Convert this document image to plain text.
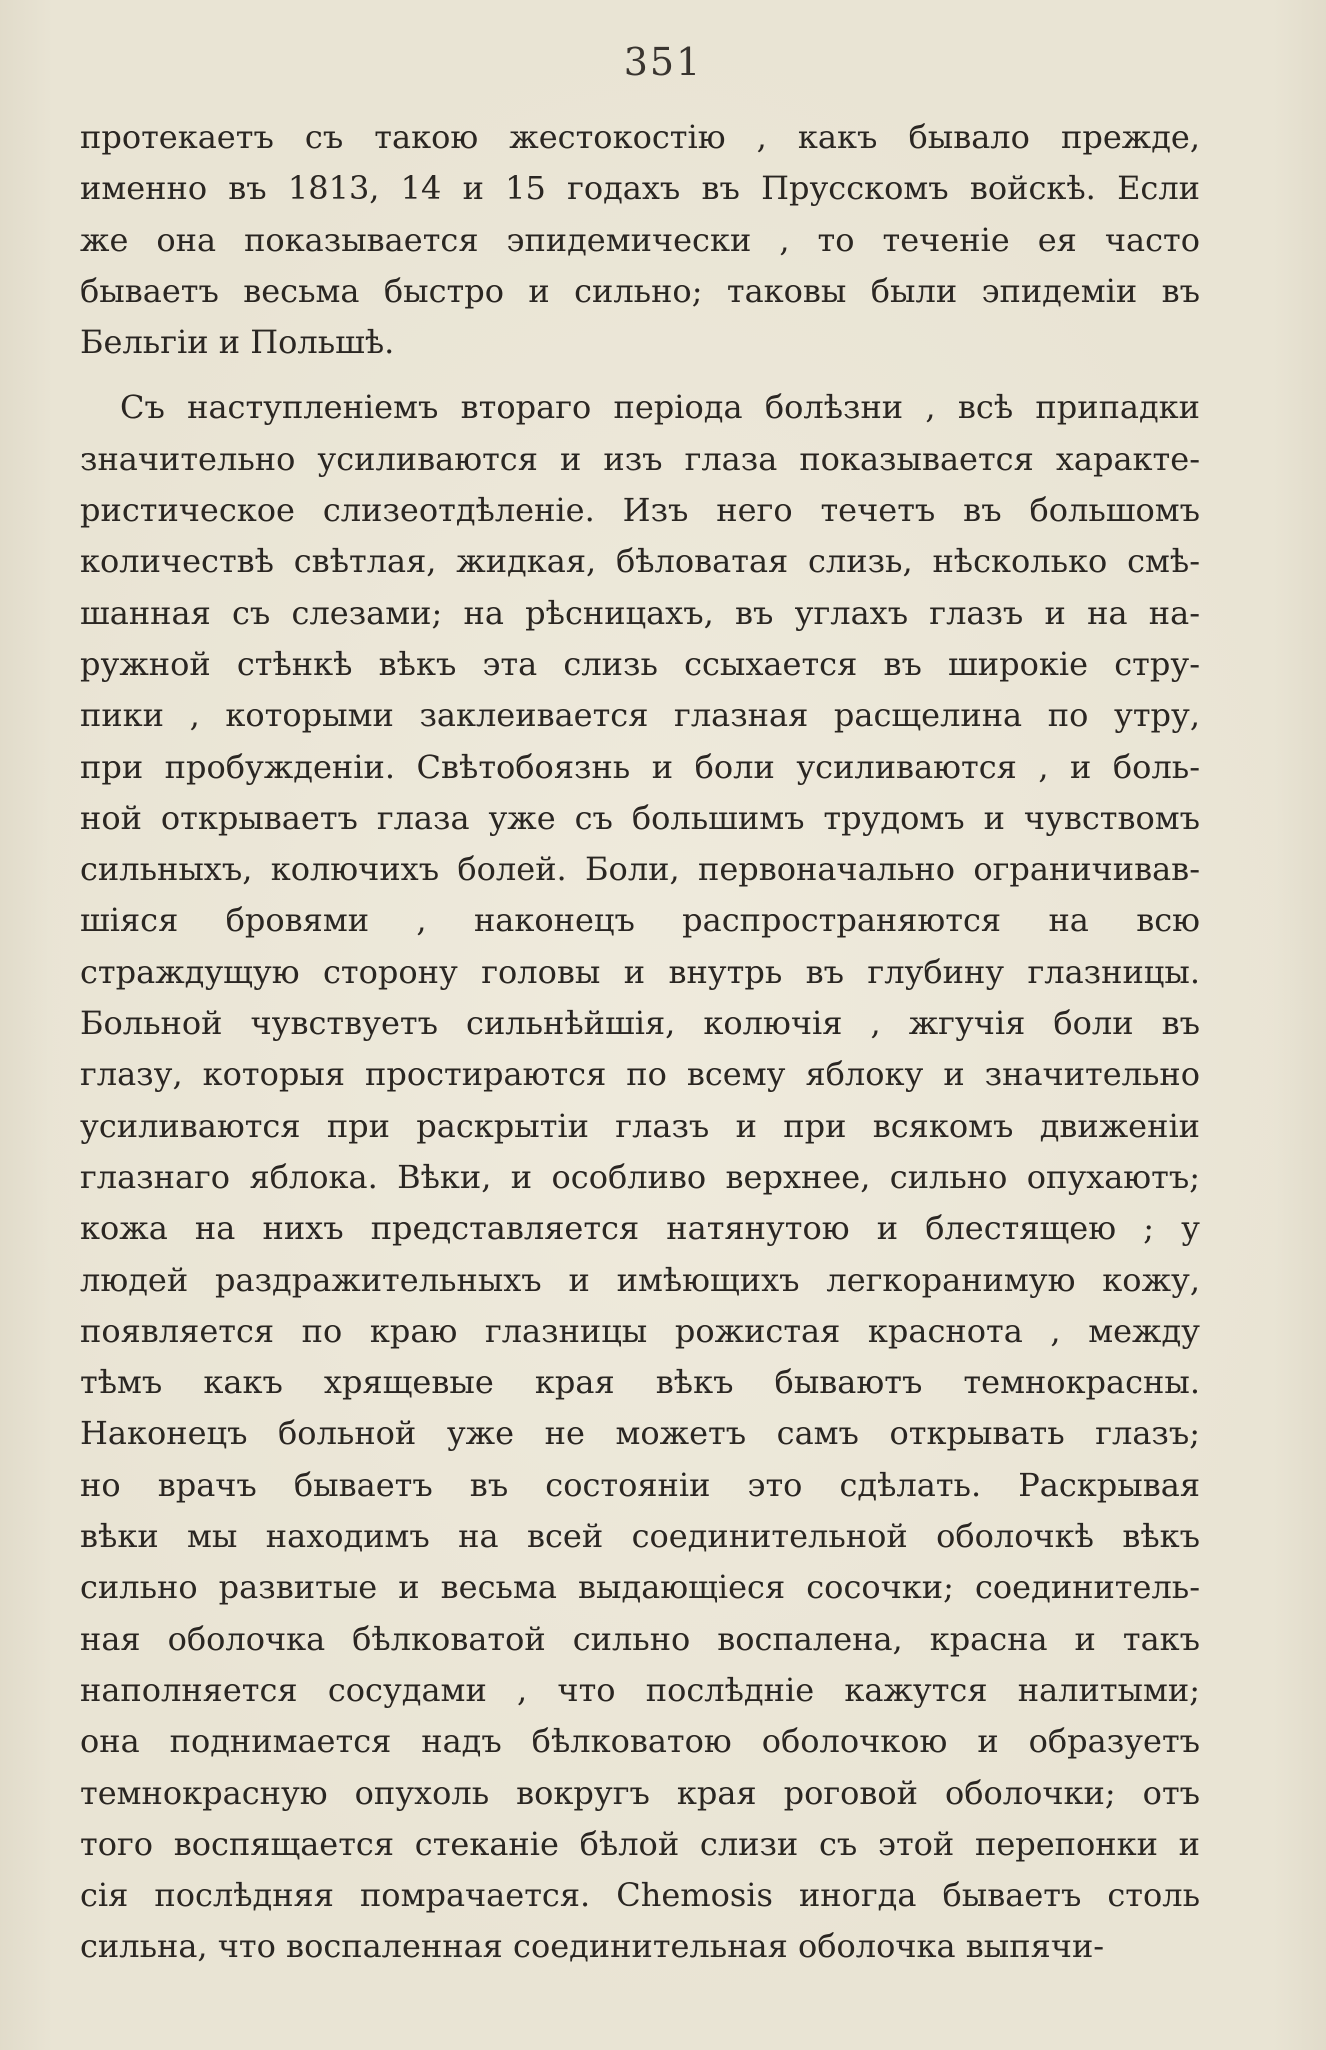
351
протекаетъ съ такою жестокостію , какъ бывало прежде,
именно въ 1813, 14 и 15 годахъ въ Прусскомъ войскѣ. Если
же она показывается эпидемически , то теченіе ея часто
бываетъ весьма быстро и сильно; таковы были эпидеміи въ
Бельгіи и Польшѣ.
Съ наступленіемъ втораго періода болѣзни , всѣ припадки
значительно усиливаются и изъ глаза показывается характе-
ристическое слизеотдѣленіе. Изъ него течетъ въ большомъ
количествѣ свѣтлая, жидкая, бѣловатая слизь, нѣсколько смѣ-
шанная съ слезами; на рѣсницахъ, въ углахъ глазъ и на на-
ружной стѣнкѣ вѣкъ эта слизь ссыхается въ широкіе стру-
пики , которыми заклеивается глазная расщелина по утру,
при пробужденіи. Свѣтобоязнь и боли усиливаются , и боль-
ной открываетъ глаза уже съ большимъ трудомъ и чувствомъ
сильныхъ, колючихъ болей. Боли, первоначально ограничивав-
шіяся бровями , наконецъ распространяются на всю
страждущую сторону головы и внутрь въ глубину глазницы.
Больной чувствуетъ сильнѣйшія, колючія , жгучія боли въ
глазу, которыя простираются по всему яблоку и значительно
усиливаются при раскрытіи глазъ и при всякомъ движеніи
глазнаго яблока. Вѣки, и особливо верхнее, сильно опухаютъ;
кожа на нихъ представляется натянутою и блестящею ; у
людей раздражительныхъ и имѣющихъ легкоранимую кожу,
появляется по краю глазницы рожистая краснота , между
тѣмъ какъ хрящевые края вѣкъ бываютъ темнокрасны.
Наконецъ больной уже не можетъ самъ открывать глазъ;
но врачъ бываетъ въ состояніи это сдѣлать. Раскрывая
вѣки мы находимъ на всей соединительной оболочкѣ вѣкъ
сильно развитые и весьма выдающіеся сосочки; соединитель-
ная оболочка бѣлковатой сильно воспалена, красна и такъ
наполняется сосудами , что послѣдніе кажутся налитыми;
она поднимается надъ бѣлковатою оболочкою и образуетъ
темнокрасную опухоль вокругъ края роговой оболочки; отъ
того воспящается стеканіе бѣлой слизи съ этой перепонки и
сія послѣдняя помрачается. Chemosis иногда бываетъ столь
сильна, что воспаленная соединительная оболочка выпячи-
